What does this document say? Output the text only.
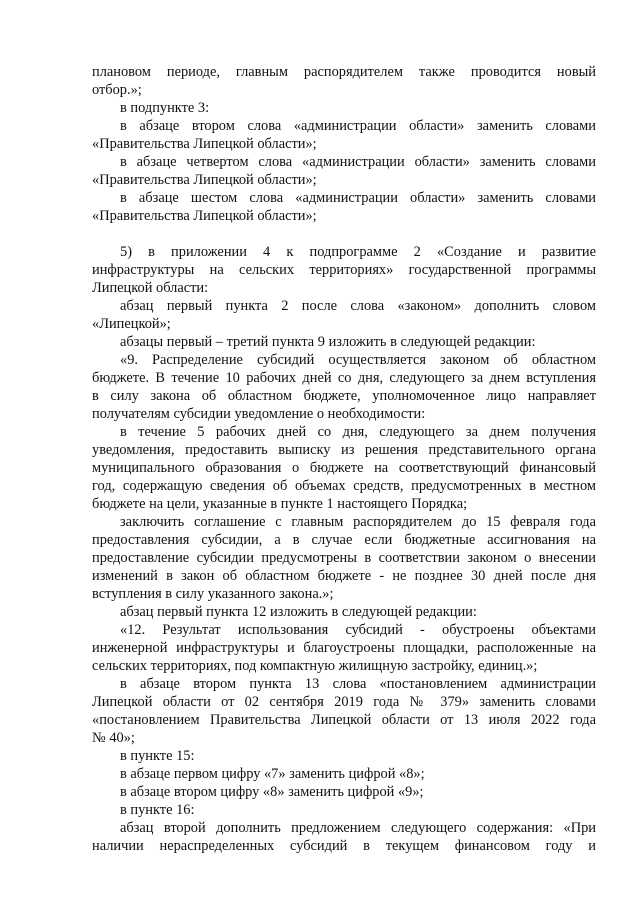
плановом периоде, главным распорядителем также проводится новый

отбор.»;

в подпункте 3:

в абзаце втором слова «администрации области» заменить словами

«Правительства Липецкой области»;

в абзаце четвертом слова «администрации области» заменить словами

«Правительства Липецкой области»;

в абзаце шестом слова «администрации области» заменить словами

«Правительства Липецкой области»;

5) в приложении 4 к подпрограмме 2 «Создание и развитие

инфраструктуры на сельских территориях» государственной программы

Липецкой области:

абзац первый пункта 2 после слова «законом» дополнить словом

«Липецкой»;

абзацы первый – третий пункта 9 изложить в следующей редакции:

«9. Распределение субсидий осуществляется законом об областном

бюджете. В течение 10 рабочих дней со дня, следующего за днем вступления

в силу закона об областном бюджете, уполномоченное лицо направляет

получателям субсидии уведомление о необходимости:

в течение 5 рабочих дней со дня, следующего за днем получения

уведомления, предоставить выписку из решения представительного органа

муниципального образования о бюджете на соответствующий финансовый

год, содержащую сведения об объемах средств, предусмотренных в местном

бюджете на цели, указанные в пункте 1 настоящего Порядка;

заключить соглашение с главным распорядителем до 15 февраля года

предоставления субсидии, а в случае если бюджетные ассигнования на

предоставление субсидии предусмотрены в соответствии законом о внесении

изменений в закон об областном бюджете - не позднее 30 дней после дня

вступления в силу указанного закона.»;

абзац первый пункта 12 изложить в следующей редакции:

«12. Результат использования субсидий - обустроены объектами

инженерной инфраструктуры и благоустроены площадки, расположенные на

сельских территориях, под компактную жилищную застройку, единиц.»;

в абзаце втором пункта 13 слова «постановлением администрации

Липецкой области от 02 сентября 2019 года № 379» заменить словами

«постановлением Правительства Липецкой области от 13 июля 2022 года

№ 40»;

в пункте 15:

в абзаце первом цифру «7» заменить цифрой «8»;

в абзаце втором цифру «8» заменить цифрой «9»;

в пункте 16:

абзац второй дополнить предложением следующего содержания: «При

наличии нераспределенных субсидий в текущем финансовом году и
